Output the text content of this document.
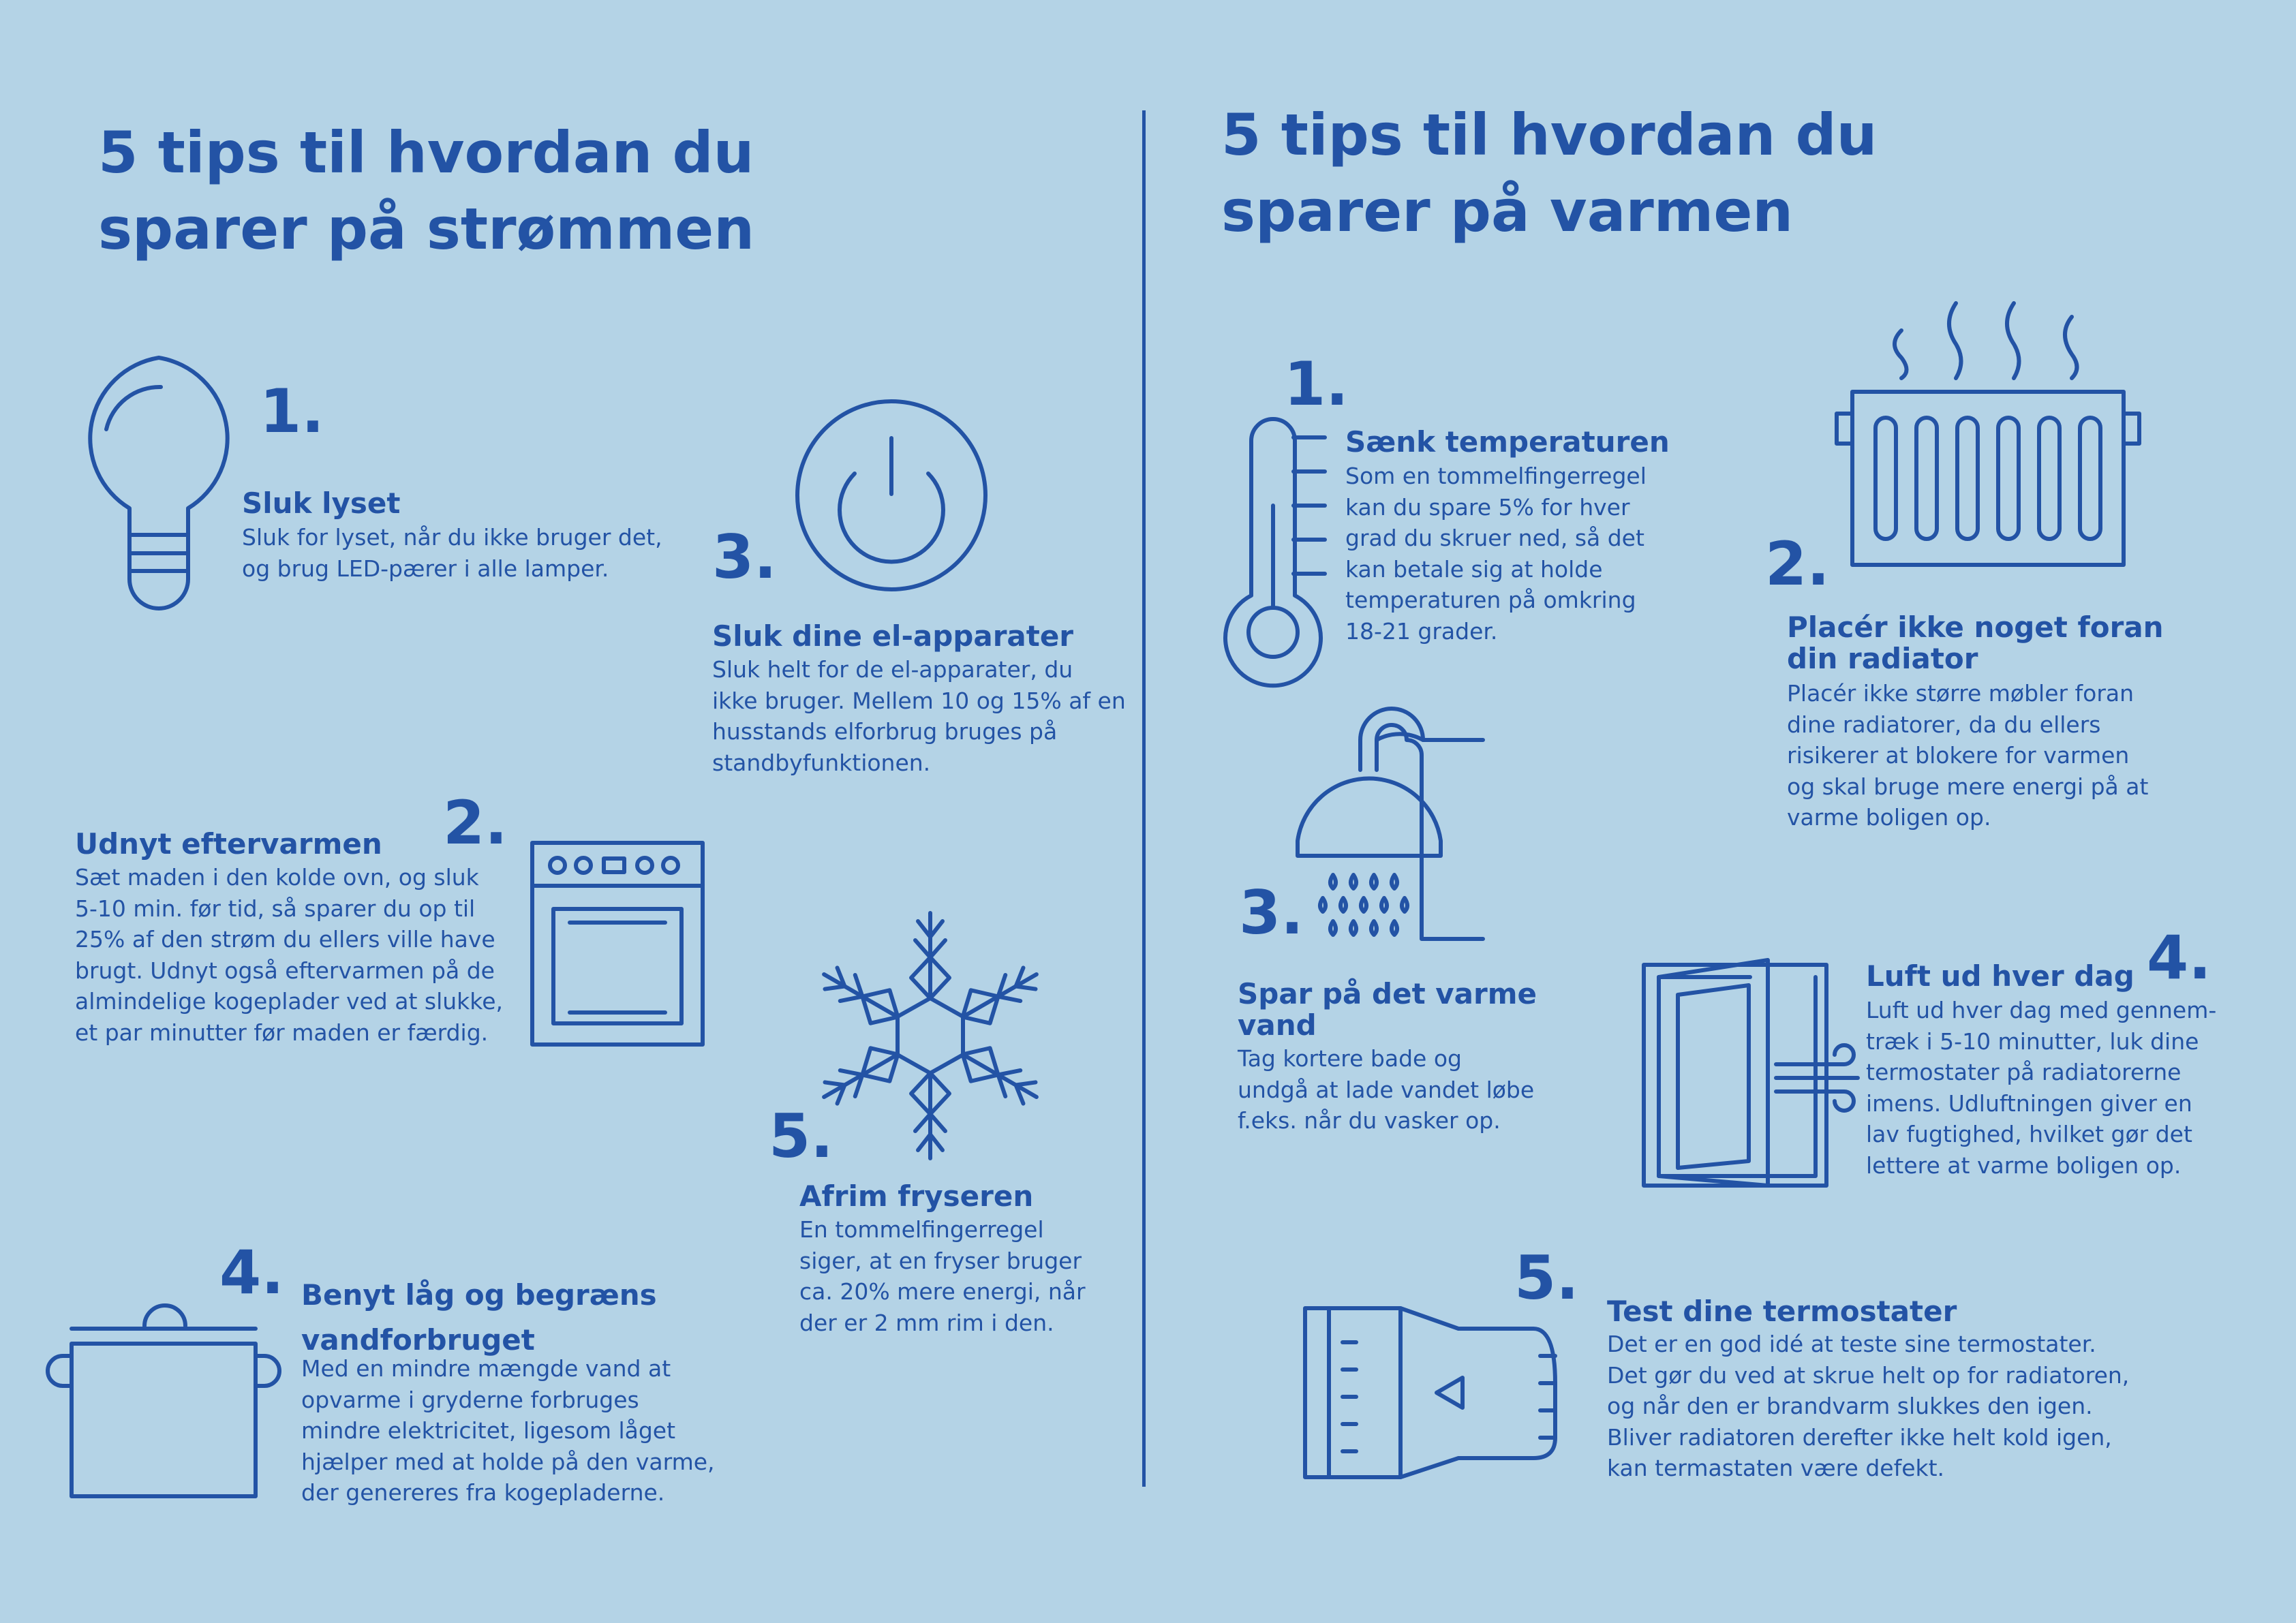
5 tips til hvordan du
sparer på strømmen
5 tips til hvordan du
sparer på varmen
1.
Sluk lyset
Sluk for lyset, når du ikke bruger det,
og brug LED-pærer i alle lamper.	3.
Sluk dine el-apparater
Sluk helt for de el-apparater, du
ikke bruger. Mellem 10 og 15% af en
husstands elforbrug bruges på
standbyfunktionen.
Udnyt eftervarmen 2.
Sæt maden i den kolde ovn, og sluk
5-10 min. før tid, så sparer du op til
25% af den strøm du ellers ville have
brugt. Udnyt også eftervarmen på de
almindelige kogeplader ved at slukke,
et par minutter før maden er færdig.
5.
Afrim fryseren
En tommelfingerregel
siger, at en fryser bruger
ca. 20% mere energi, når
der er 2 mm rim i den.
4. Benyt låg og begræns
vandforbruget
Med en mindre mængde vand at
opvarme i gryderne forbruges
mindre elektricitet, ligesom låget
hjælper med at holde på den varme,
der genereres fra kogepladerne.
1.
Sænk temperaturen
Som en tommelfingerregel
kan du spare 5% for hver
grad du skruer ned, så det
kan betale sig at holde
temperaturen på omkring
18-21 grader.
2.
Placér ikke noget foran
din radiator
Placér ikke større møbler foran
dine radiatorer, da du ellers
risikerer at blokere for varmen
og skal bruge mere energi på at
varme boligen op.
3.
Spar på det varme
vand
Tag kortere bade og
undgå at lade vandet løbe
f.eks. når du vasker op.
Luft ud hver dag 4.
Luft ud hver dag med gennem-
træk i 5-10 minutter, luk dine
termostater på radiatorerne
imens. Udluftningen giver en
lav fugtighed, hvilket gør det
lettere at varme boligen op.
5. Test dine termostater
Det er en god idé at teste sine termostater.
Det gør du ved at skrue helt op for radiatoren,
og når den er brandvarm slukkes den igen.
Bliver radiatoren derefter ikke helt kold igen,
kan termastaten være defekt.
